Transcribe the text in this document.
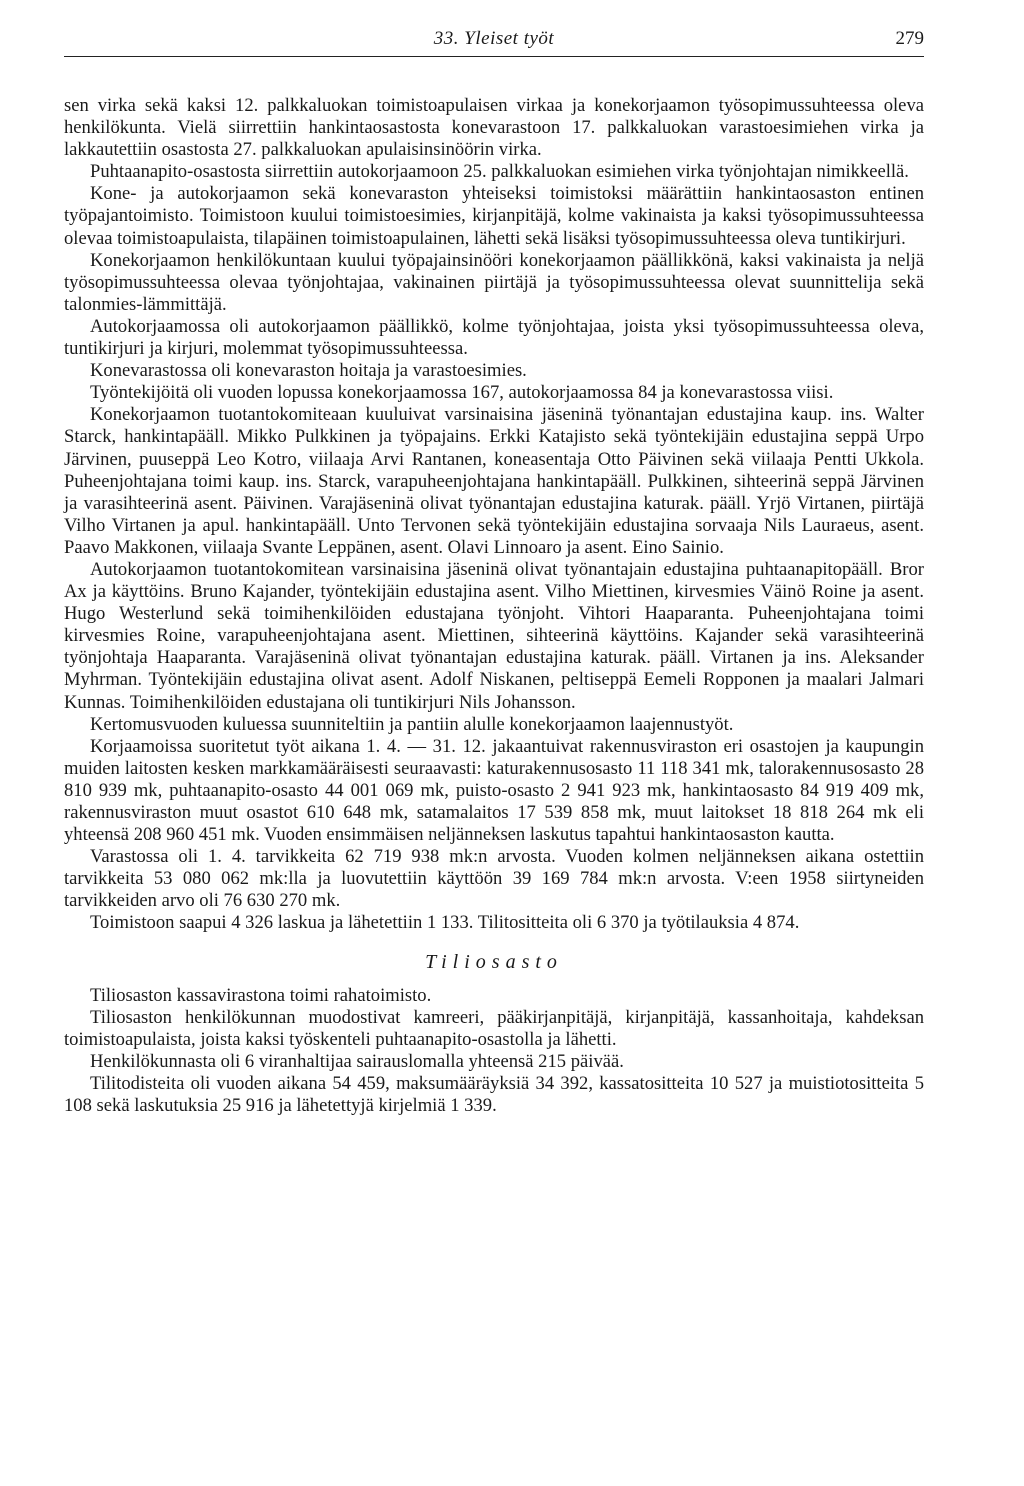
33. Yleiset työt	279

sen virka sekä kaksi 12. palkkaluokan toimistoapulaisen virkaa ja konekorjaamon työsopimussuhteessa oleva henkilökunta. Vielä siirrettiin hankintaosastosta konevarastoon 17. palkkaluokan varastoesimiehen virka ja lakkautettiin osastosta 27. palkkaluokan apulaisinsinöörin virka.

Puhtaanapito-osastosta siirrettiin autokorjaamoon 25. palkkaluokan esimiehen virka työnjohtajan nimikkeellä.

Kone- ja autokorjaamon sekä konevaraston yhteiseksi toimistoksi määrättiin hankintaosaston entinen työpajantoimisto. Toimistoon kuului toimistoesimies, kirjanpitäjä, kolme vakinaista ja kaksi työsopimussuhteessa olevaa toimistoapulaista, tilapäinen toimistoapulainen, lähetti sekä lisäksi työsopimussuhteessa oleva tuntikirjuri.

Konekorjaamon henkilökuntaan kuului työpajainsinööri konekorjaamon päällikkönä, kaksi vakinaista ja neljä työsopimussuhteessa olevaa työnjohtajaa, vakinainen piirtäjä ja työsopimussuhteessa olevat suunnittelija sekä talonmies-lämmittäjä.

Autokorjaamossa oli autokorjaamon päällikkö, kolme työnjohtajaa, joista yksi työsopimussuhteessa oleva, tuntikirjuri ja kirjuri, molemmat työsopimussuhteessa.

Konevarastossa oli konevaraston hoitaja ja varastoesimies.

Työntekijöitä oli vuoden lopussa konekorjaamossa 167, autokorjaamossa 84 ja konevarastossa viisi.

Konekorjaamon tuotantokomiteaan kuuluivat varsinaisina jäseninä työnantajan edustajina kaup. ins. Walter Starck, hankintapääll. Mikko Pulkkinen ja työpajains. Erkki Katajisto sekä työntekijäin edustajina seppä Urpo Järvinen, puuseppä Leo Kotro, viilaaja Arvi Rantanen, koneasentaja Otto Päivinen sekä viilaaja Pentti Ukkola. Puheenjohtajana toimi kaup. ins. Starck, varapuheenjohtajana hankintapääll. Pulkkinen, sihteerinä seppä Järvinen ja varasihteerinä asent. Päivinen. Varajäseninä olivat työnantajan edustajina katurak. pääll. Yrjö Virtanen, piirtäjä Vilho Virtanen ja apul. hankintapääll. Unto Tervonen sekä työntekijäin edustajina sorvaaja Nils Lauraeus, asent. Paavo Makkonen, viilaaja Svante Leppänen, asent. Olavi Linnoaro ja asent. Eino Sainio.

Autokorjaamon tuotantokomitean varsinaisina jäseninä olivat työnantajain edustajina puhtaanapitopääll. Bror Ax ja käyttöins. Bruno Kajander, työntekijäin edustajina asent. Vilho Miettinen, kirvesmies Väinö Roine ja asent. Hugo Westerlund sekä toimihenkilöiden edustajana työnjoht. Vihtori Haaparanta. Puheenjohtajana toimi kirvesmies Roine, varapuheenjohtajana asent. Miettinen, sihteerinä käyttöins. Kajander sekä varasihteerinä työnjohtaja Haaparanta. Varajäseninä olivat työnantajan edustajina katurak. pääll. Virtanen ja ins. Aleksander Myhrman. Työntekijäin edustajina olivat asent. Adolf Niskanen, peltiseppä Eemeli Ropponen ja maalari Jalmari Kunnas. Toimihenkilöiden edustajana oli tuntikirjuri Nils Johansson.

Kertomusvuoden kuluessa suunniteltiin ja pantiin alulle konekorjaamon laajennustyöt.

Korjaamoissa suoritetut työt aikana 1. 4. — 31. 12. jakaantuivat rakennusviraston eri osastojen ja kaupungin muiden laitosten kesken markkamääräisesti seuraavasti: katurakennusosasto 11 118 341 mk, talorakennusosasto 28 810 939 mk, puhtaanapito-osasto 44 001 069 mk, puisto-osasto 2 941 923 mk, hankintaosasto 84 919 409 mk, rakennusviraston muut osastot 610 648 mk, satamalaitos 17 539 858 mk, muut laitokset 18 818 264 mk eli yhteensä 208 960 451 mk. Vuoden ensimmäisen neljänneksen laskutus tapahtui hankintaosaston kautta.

Varastossa oli 1. 4. tarvikkeita 62 719 938 mk:n arvosta. Vuoden kolmen neljänneksen aikana ostettiin tarvikkeita 53 080 062 mk:lla ja luovutettiin käyttöön 39 169 784 mk:n arvosta. V:een 1958 siirtyneiden tarvikkeiden arvo oli 76 630 270 mk.

Toimistoon saapui 4 326 laskua ja lähetettiin 1 133. Tilitositteita oli 6 370 ja työtilauksia 4 874.

Tiliosasto

Tiliosaston kassavirastona toimi rahatoimisto.

Tiliosaston henkilökunnan muodostivat kamreeri, pääkirjanpitäjä, kirjanpitäjä, kassanhoitaja, kahdeksan toimistoapulaista, joista kaksi työskenteli puhtaanapito-osastolla ja lähetti.

Henkilökunnasta oli 6 viranhaltijaa sairauslomalla yhteensä 215 päivää.

Tilitodisteita oli vuoden aikana 54 459, maksumääräyksiä 34 392, kassatositteita 10 527 ja muistiotositteita 5 108 sekä laskutuksia 25 916 ja lähetettyjä kirjelmiä 1 339.
